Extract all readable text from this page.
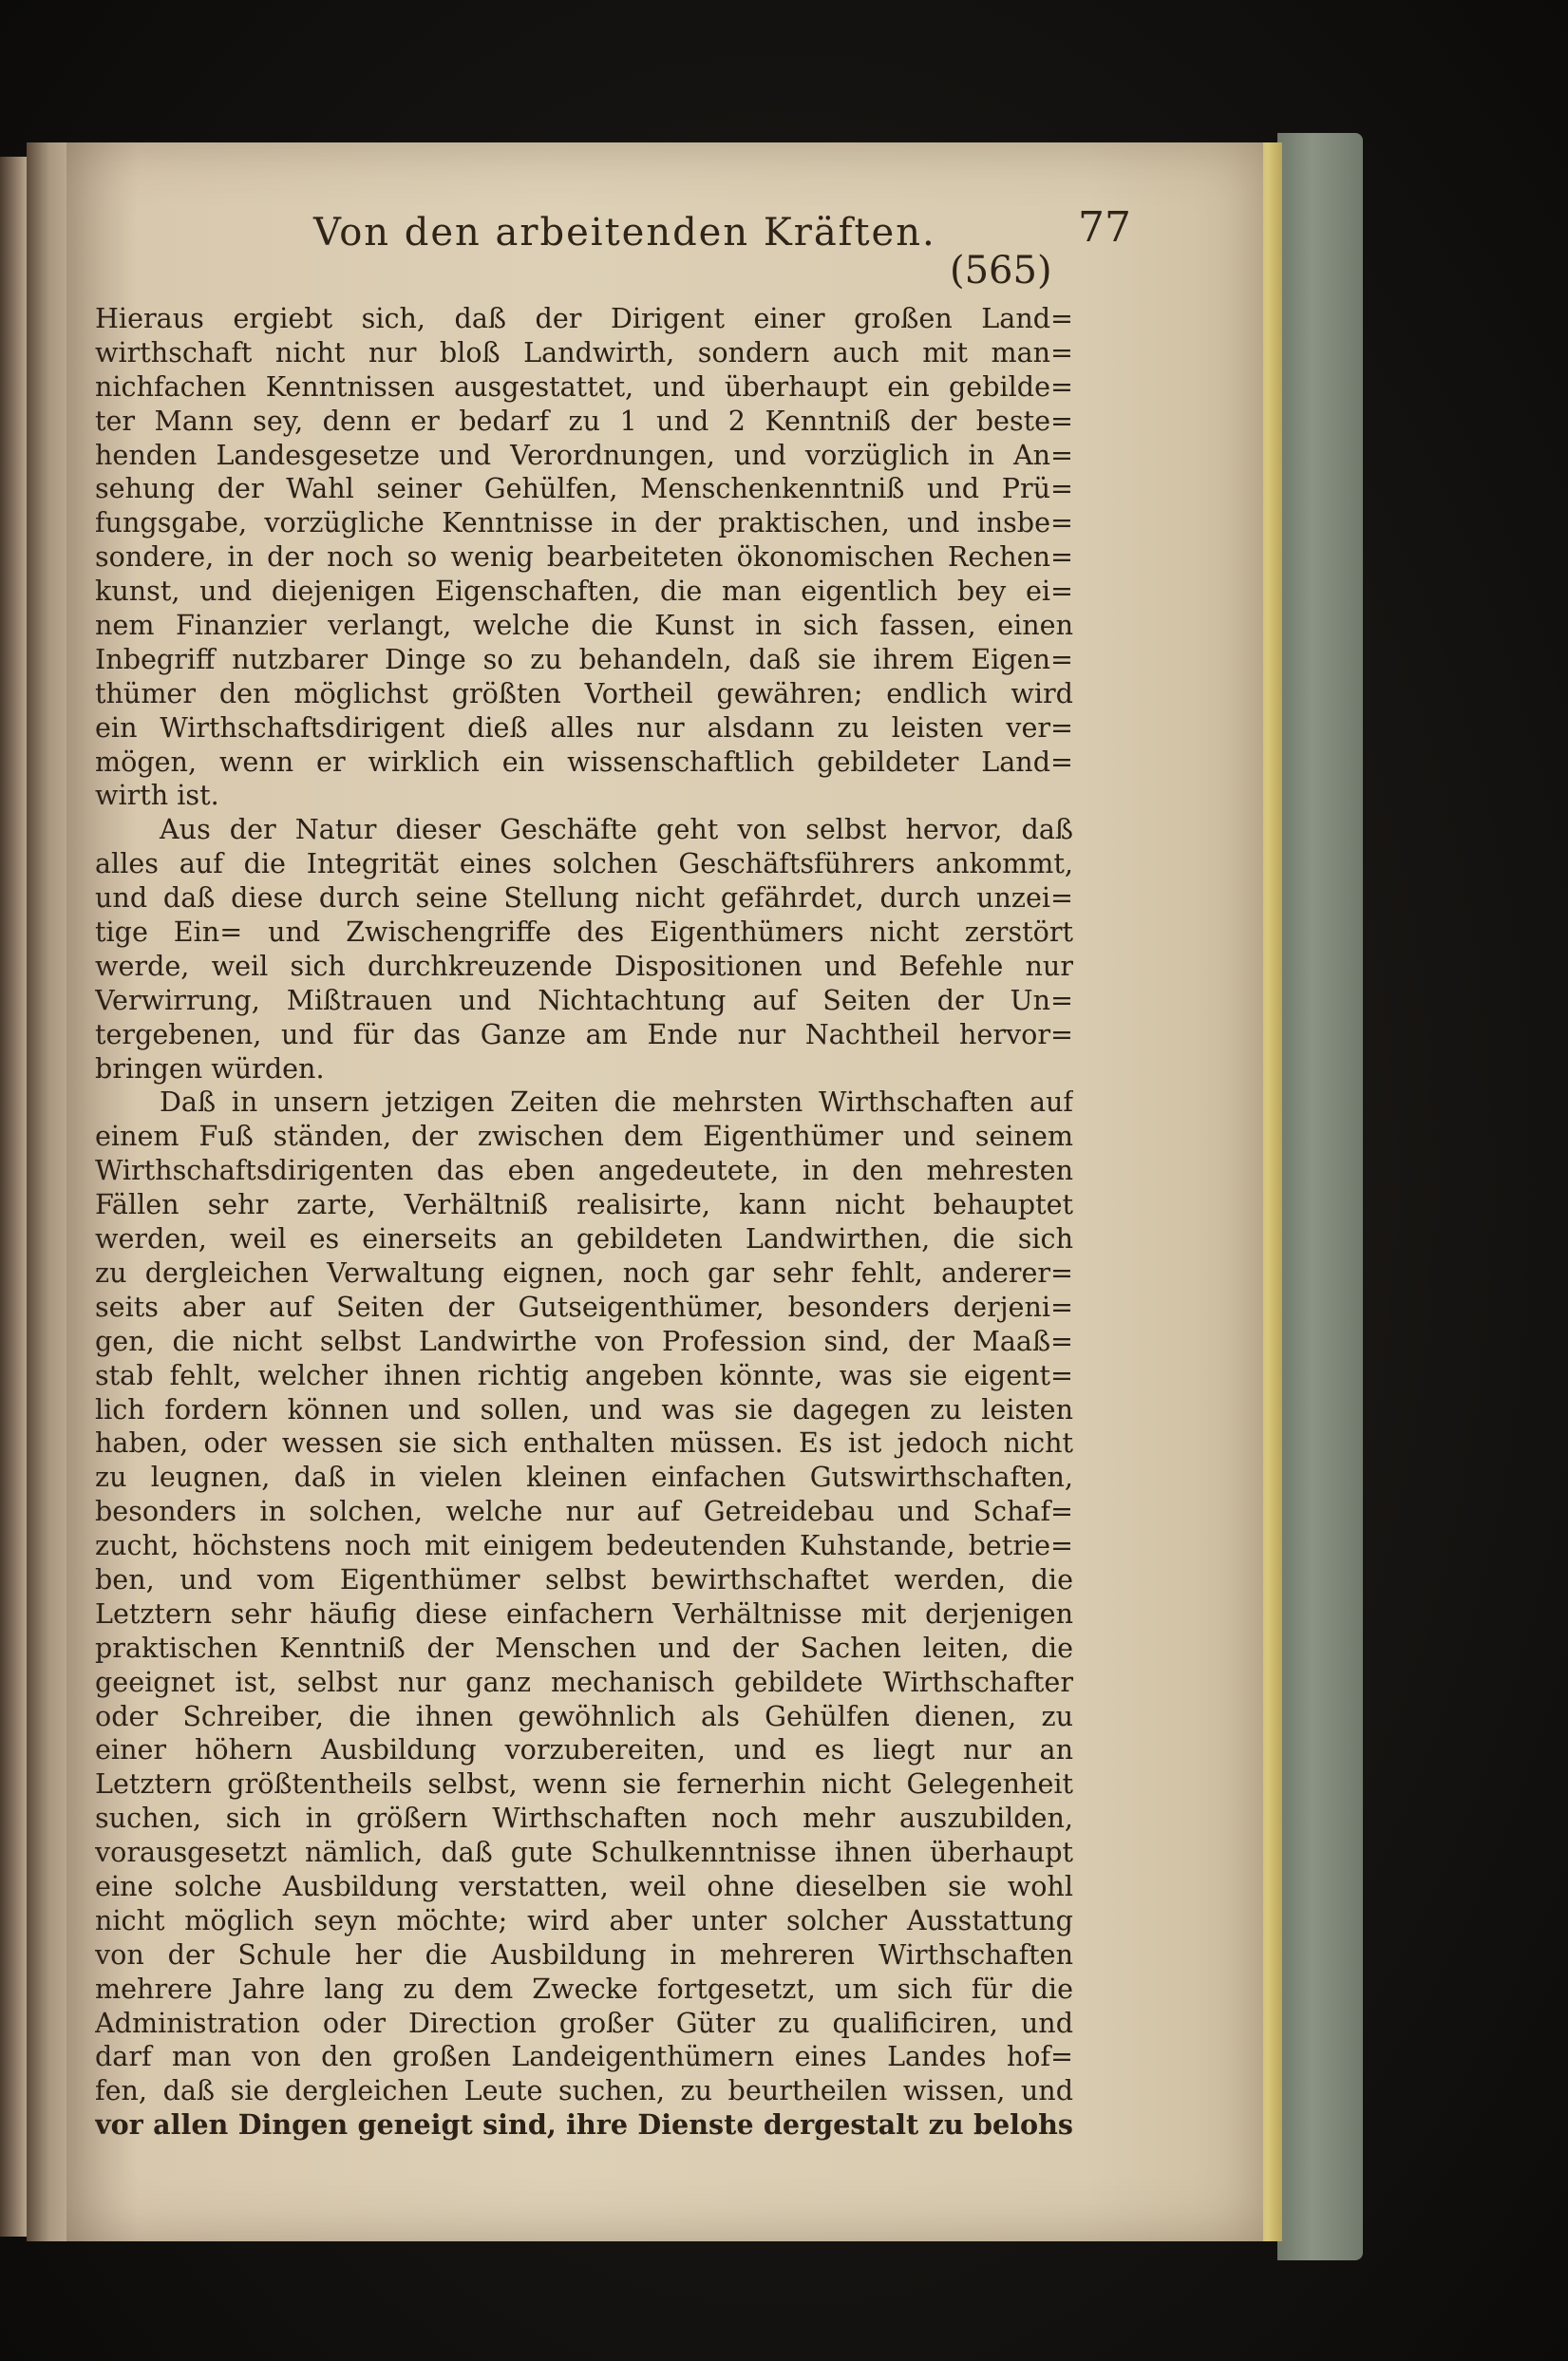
Von den arbeitenden Kräften.	77
(565)
Hieraus ergiebt sich, daß der Dirigent einer großen Land=
wirthschaft nicht nur bloß Landwirth, sondern auch mit man=
nichfachen Kenntnissen ausgestattet, und überhaupt ein gebilde=
ter Mann sey, denn er bedarf zu 1 und 2 Kenntniß der beste=
henden Landesgesetze und Verordnungen, und vorzüglich in An=
sehung der Wahl seiner Gehülfen, Menschenkenntniß und Prü=
fungsgabe, vorzügliche Kenntnisse in der praktischen, und insbe=
sondere, in der noch so wenig bearbeiteten ökonomischen Rechen=
kunst, und diejenigen Eigenschaften, die man eigentlich bey ei=
nem Finanzier verlangt, welche die Kunst in sich fassen, einen
Inbegriff nutzbarer Dinge so zu behandeln, daß sie ihrem Eigen=
thümer den möglichst größten Vortheil gewähren; endlich wird
ein Wirthschaftsdirigent dieß alles nur alsdann zu leisten ver=
mögen, wenn er wirklich ein wissenschaftlich gebildeter Land=
wirth ist.
Aus der Natur dieser Geschäfte geht von selbst hervor, daß
alles auf die Integrität eines solchen Geschäftsführers ankommt,
und daß diese durch seine Stellung nicht gefährdet, durch unzei=
tige Ein= und Zwischengriffe des Eigenthümers nicht zerstört
werde, weil sich durchkreuzende Dispositionen und Befehle nur
Verwirrung, Mißtrauen und Nichtachtung auf Seiten der Un=
tergebenen, und für das Ganze am Ende nur Nachtheil hervor=
bringen würden.
Daß in unsern jetzigen Zeiten die mehrsten Wirthschaften auf
einem Fuß ständen, der zwischen dem Eigenthümer und seinem
Wirthschaftsdirigenten das eben angedeutete, in den mehresten
Fällen sehr zarte, Verhältniß realisirte, kann nicht behauptet
werden, weil es einerseits an gebildeten Landwirthen, die sich
zu dergleichen Verwaltung eignen, noch gar sehr fehlt, anderer=
seits aber auf Seiten der Gutseigenthümer, besonders derjeni=
gen, die nicht selbst Landwirthe von Profession sind, der Maaß=
stab fehlt, welcher ihnen richtig angeben könnte, was sie eigent=
lich fordern können und sollen, und was sie dagegen zu leisten
haben, oder wessen sie sich enthalten müssen. Es ist jedoch nicht
zu leugnen, daß in vielen kleinen einfachen Gutswirthschaften,
besonders in solchen, welche nur auf Getreidebau und Schaf=
zucht, höchstens noch mit einigem bedeutenden Kuhstande, betrie=
ben, und vom Eigenthümer selbst bewirthschaftet werden, die
Letztern sehr häufig diese einfachern Verhältnisse mit derjenigen
praktischen Kenntniß der Menschen und der Sachen leiten, die
geeignet ist, selbst nur ganz mechanisch gebildete Wirthschafter
oder Schreiber, die ihnen gewöhnlich als Gehülfen dienen, zu
einer höhern Ausbildung vorzubereiten, und es liegt nur an
Letztern größtentheils selbst, wenn sie fernerhin nicht Gelegenheit
suchen, sich in größern Wirthschaften noch mehr auszubilden,
vorausgesetzt nämlich, daß gute Schulkenntnisse ihnen überhaupt
eine solche Ausbildung verstatten, weil ohne dieselben sie wohl
nicht möglich seyn möchte; wird aber unter solcher Ausstattung
von der Schule her die Ausbildung in mehreren Wirthschaften
mehrere Jahre lang zu dem Zwecke fortgesetzt, um sich für die
Administration oder Direction großer Güter zu qualificiren, und
darf man von den großen Landeigenthümern eines Landes hof=
fen, daß sie dergleichen Leute suchen, zu beurtheilen wissen, und
vor allen Dingen geneigt sind, ihre Dienste dergestalt zu belohs
